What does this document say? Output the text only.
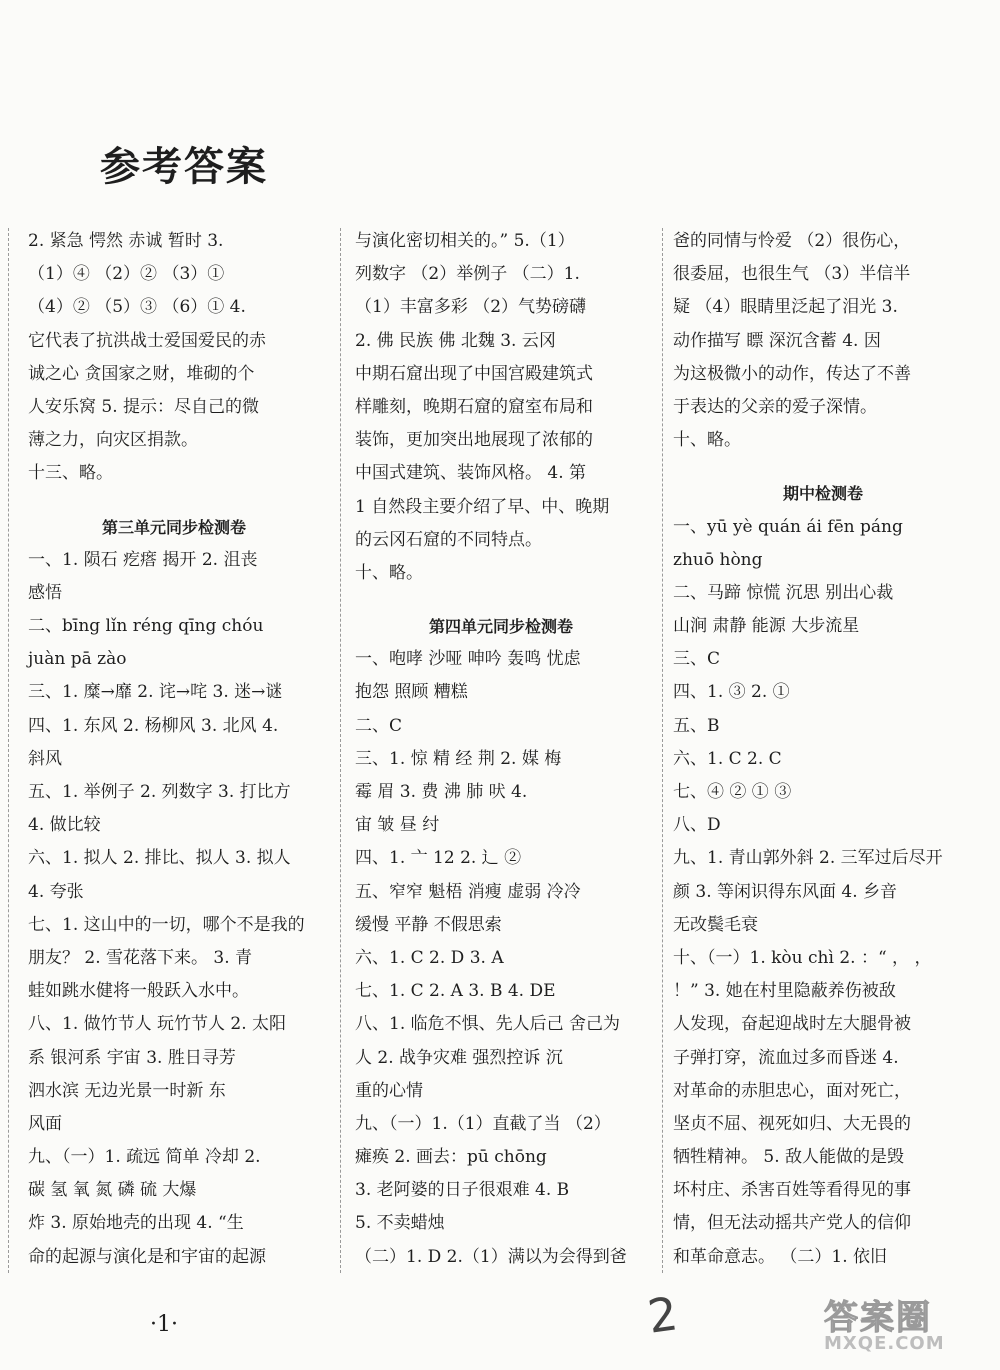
参考答案
2. 紧急 愕然 赤诚 暂时 3.
（1）④ （2）② （3）①
（4）② （5）③ （6）① 4.
它代表了抗洪战士爱国爱民的赤
诚之心 贪国家之财，堆砌的个
人安乐窝 5. 提示：尽自己的微
薄之力，向灾区捐款。
十三、略。
第三单元同步检测卷
一、1. 陨石 疙瘩 揭开 2. 沮丧
感悟
二、bīng lǐn réng qīng chóu
juàn pā zào
三、1. 糜→靡 2. 诧→咤 3. 迷→谜
四、1. 东风 2. 杨柳风 3. 北风 4.
斜风
五、1. 举例子 2. 列数字 3. 打比方
4. 做比较
六、1. 拟人 2. 排比、拟人 3. 拟人
4. 夸张
七、1. 这山中的一切，哪个不是我的
朋友？ 2. 雪花落下来。 3. 青
蛙如跳水健将一般跃入水中。
八、1. 做竹节人 玩竹节人 2. 太阳
系 银河系 宇宙 3. 胜日寻芳
泗水滨 无边光景一时新 东
风面
九、（一）1. 疏远 简单 冷却 2.
碳 氢 氧 氮 磷 硫 大爆
炸 3. 原始地壳的出现 4. “生
命的起源与演化是和宇宙的起源
与演化密切相关的。” 5.（1）
列数字 （2）举例子 （二）1.
（1）丰富多彩 （2）气势磅礴
2. 佛 民族 佛 北魏 3. 云冈
中期石窟出现了中国宫殿建筑式
样雕刻，晚期石窟的窟室布局和
装饰，更加突出地展现了浓郁的
中国式建筑、装饰风格。 4. 第
1 自然段主要介绍了早、中、晚期
的云冈石窟的不同特点。
十、略。
第四单元同步检测卷
一、咆哮 沙哑 呻吟 轰鸣 忧虑
抱怨 照顾 糟糕
二、C
三、1. 惊 精 经 荆 2. 媒 梅
霉 眉 3. 费 沸 肺 吠 4.
宙 皱 昼 纣
四、1. 亠 12 2. 辶 ②
五、窄窄 魁梧 消瘦 虚弱 冷冷
缓慢 平静 不假思索
六、1. C 2. D 3. A
七、1. C 2. A 3. B 4. DE
八、1. 临危不惧、先人后己 舍己为
人 2. 战争灾难 强烈控诉 沉
重的心情
九、（一）1.（1）直截了当 （2）
瘫痪 2. 画去：pū chōng
3. 老阿婆的日子很艰难 4. B
5. 不卖蜡烛
（二）1. D 2.（1）满以为会得到爸
爸的同情与怜爱 （2）很伤心，
很委屈，也很生气 （3）半信半
疑 （4）眼睛里泛起了泪光 3.
动作描写 瞟 深沉含蓄 4. 因
为这极微小的动作，传达了不善
于表达的父亲的爱子深情。
十、略。
期中检测卷
一、yū yè quán ái fēn páng
zhuō hòng
二、马蹄 惊慌 沉思 别出心裁
山涧 肃静 能源 大步流星
三、C
四、1. ③ 2. ①
五、B
六、1. C 2. C
七、④ ② ① ③
八、D
九、1. 青山郭外斜 2. 三军过后尽开
颜 3. 等闲识得东风面 4. 乡音
无改鬓毛衰
十、（一）1. kòu chì 2. ：“ ， ，
！” 3. 她在村里隐蔽养伤被敌
人发现，奋起迎战时左大腿骨被
子弹打穿，流血过多而昏迷 4.
对革命的赤胆忠心，面对死亡，
坚贞不屈、视死如归、大无畏的
牺牲精神。 5. 敌人能做的是毁
坏村庄、杀害百姓等看得见的事
情，但无法动摇共产党人的信仰
和革命意志。 （二）1. 依旧
·1·	2	答案圈
MXQE.COM
